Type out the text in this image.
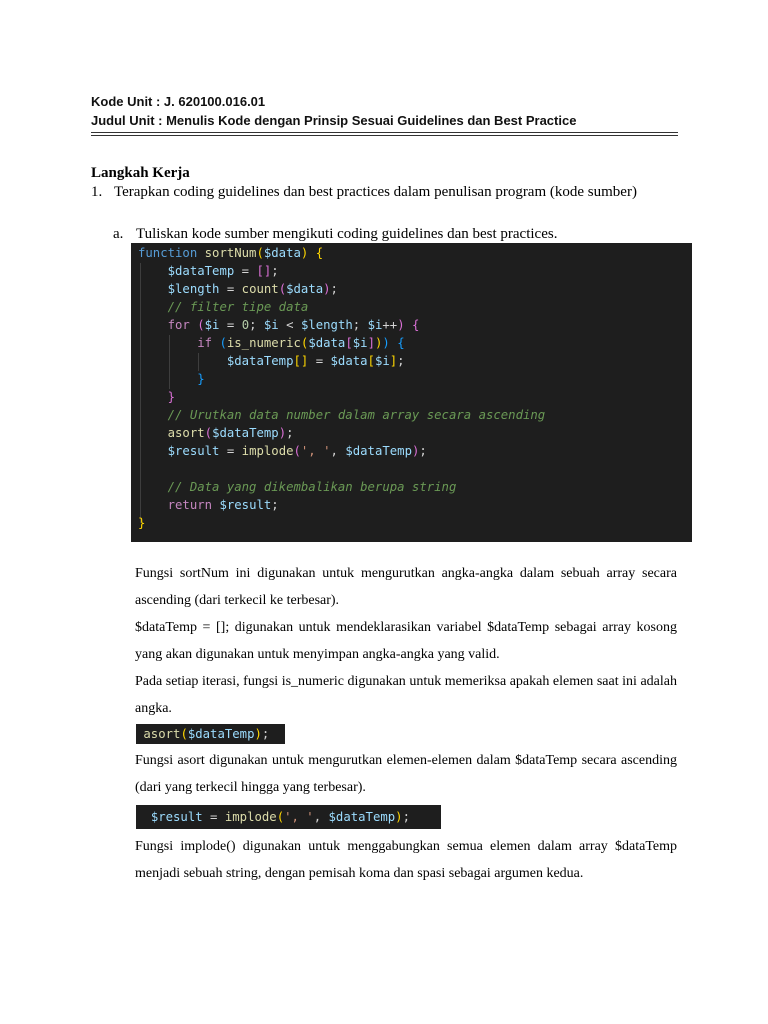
Kode Unit : J. 620100.016.01
Judul Unit : Menulis Kode dengan Prinsip Sesuai Guidelines dan Best Practice
Langkah Kerja
1. Terapkan coding guidelines dan best practices dalam penulisan program (kode sumber)
a. Tuliskan kode sumber mengikuti coding guidelines dan best practices.
function sortNum($data) {
$dataTemp = [];
$length = count($data);
// filter tipe data
for ($i = 0; $i < $length; $i++) {
if (is_numeric($data[$i])) {
$dataTemp[] = $data[$i];
}
}
// Urutkan data number dalam array secara ascending
asort($dataTemp);
$result = implode(', ', $dataTemp);

// Data yang dikembalikan berupa string
return $result;
}
Fungsi sortNum ini digunakan untuk mengurutkan angka-angka dalam sebuah array secara ascending (dari terkecil ke terbesar).
$dataTemp = []; digunakan untuk mendeklarasikan variabel $dataTemp sebagai array kosong yang akan digunakan untuk menyimpan angka-angka yang valid.
Pada setiap iterasi, fungsi is_numeric digunakan untuk memeriksa apakah elemen saat ini adalah angka.
asort($dataTemp);
Fungsi asort digunakan untuk mengurutkan elemen-elemen dalam $dataTemp secara ascending (dari yang terkecil hingga yang terbesar).
$result = implode(', ', $dataTemp);
Fungsi implode() digunakan untuk menggabungkan semua elemen dalam array $dataTemp menjadi sebuah string, dengan pemisah koma dan spasi sebagai argumen kedua.
